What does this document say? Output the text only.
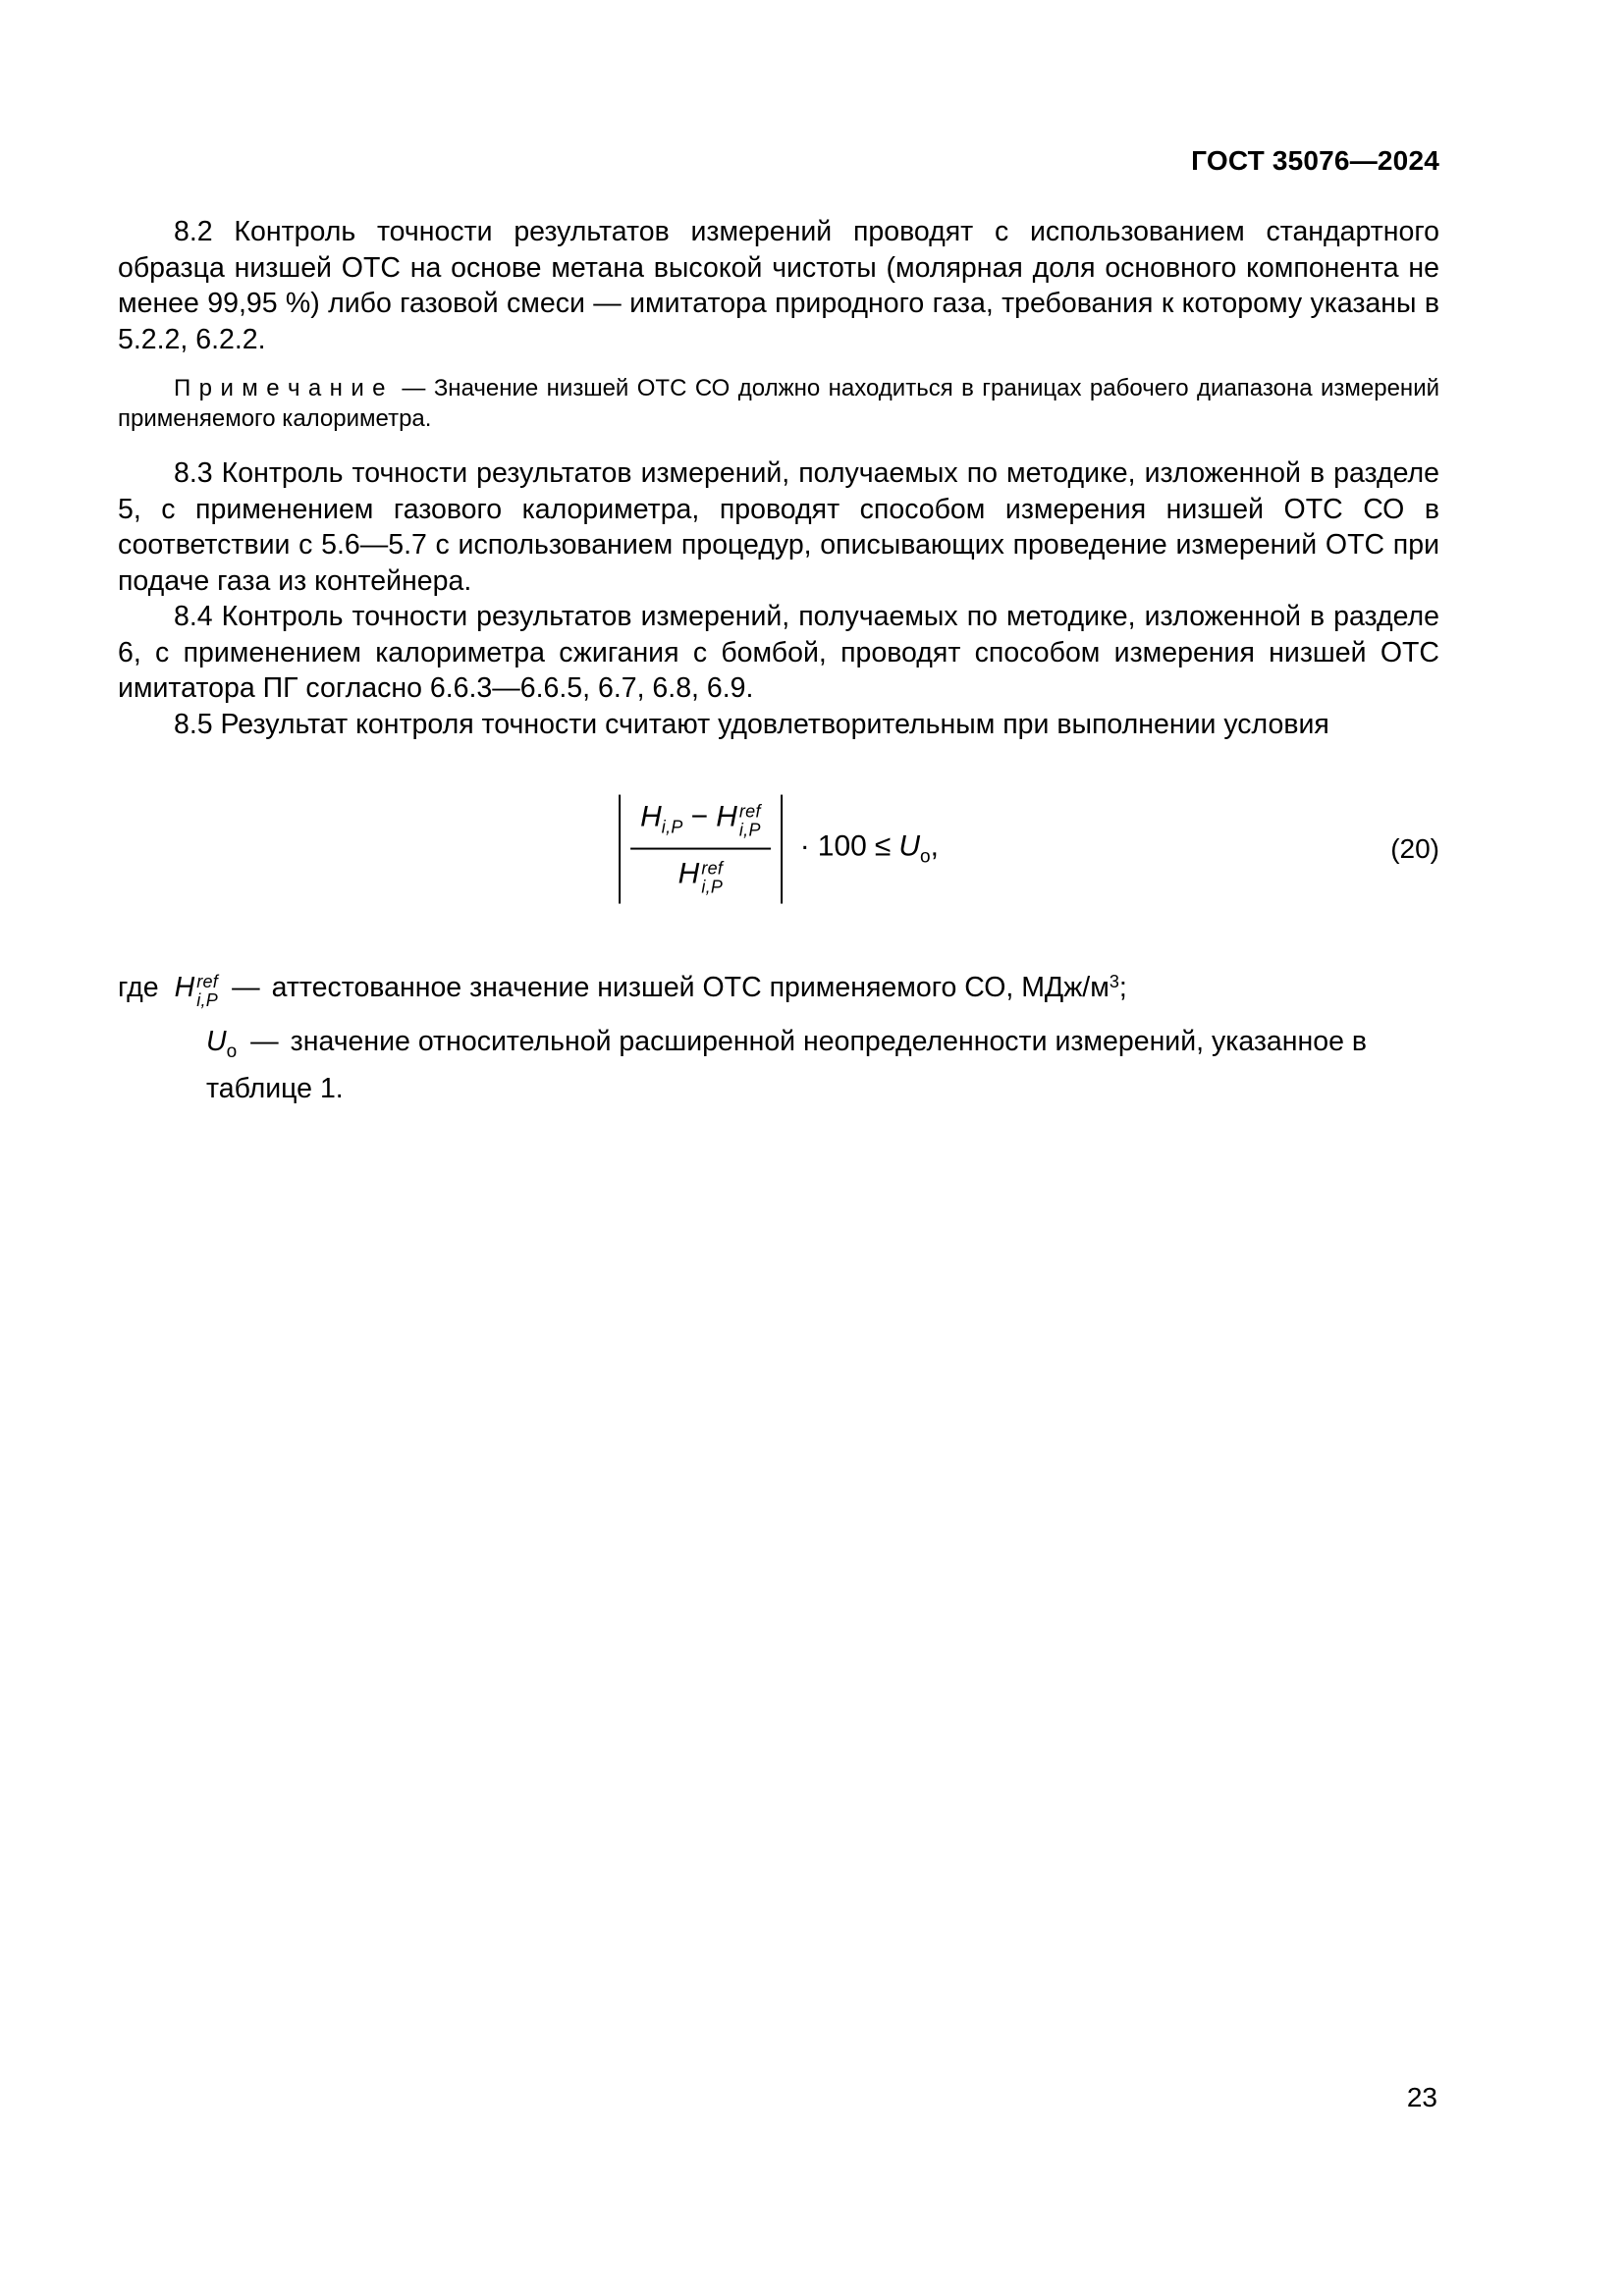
ГОСТ 35076—2024

8.2 Контроль точности результатов измерений проводят с использованием стандартного образца низшей ОТС на основе метана высокой чистоты (молярная доля основного компонента не менее 99,95 %) либо газовой смеси — имитатора природного газа, требования к которому указаны в 5.2.2, 6.2.2.

П р и м е ч а н и е — Значение низшей ОТС СО должно находиться в границах рабочего диапазона измерений применяемого калориметра.

8.3 Контроль точности результатов измерений, получаемых по методике, изложенной в разделе 5, с применением газового калориметра, проводят способом измерения низшей ОТС СО в соответствии с 5.6—5.7 с использованием процедур, описывающих проведение измерений ОТС при подаче газа из контейнера.

8.4 Контроль точности результатов измерений, получаемых по методике, изложенной в разделе 6, с применением калориметра сжигания с бомбой, проводят способом измерения низшей ОТС имитатора ПГ согласно 6.6.3—6.6.5, 6.7, 6.8, 6.9.

8.5 Результат контроля точности считают удовлетворительным при выполнении условия

$H_{i,P} - H$ ref
i,P
H ref
$i,P \cdot 100 \le U_о$,	(20)

где H ref
i,P — аттестованное значение низшей ОТС применяемого СО, МДж/$м^3$;

$U_о$ — значение относительной расширенной неопределенности измерений, указанное в таблице 1.

23
